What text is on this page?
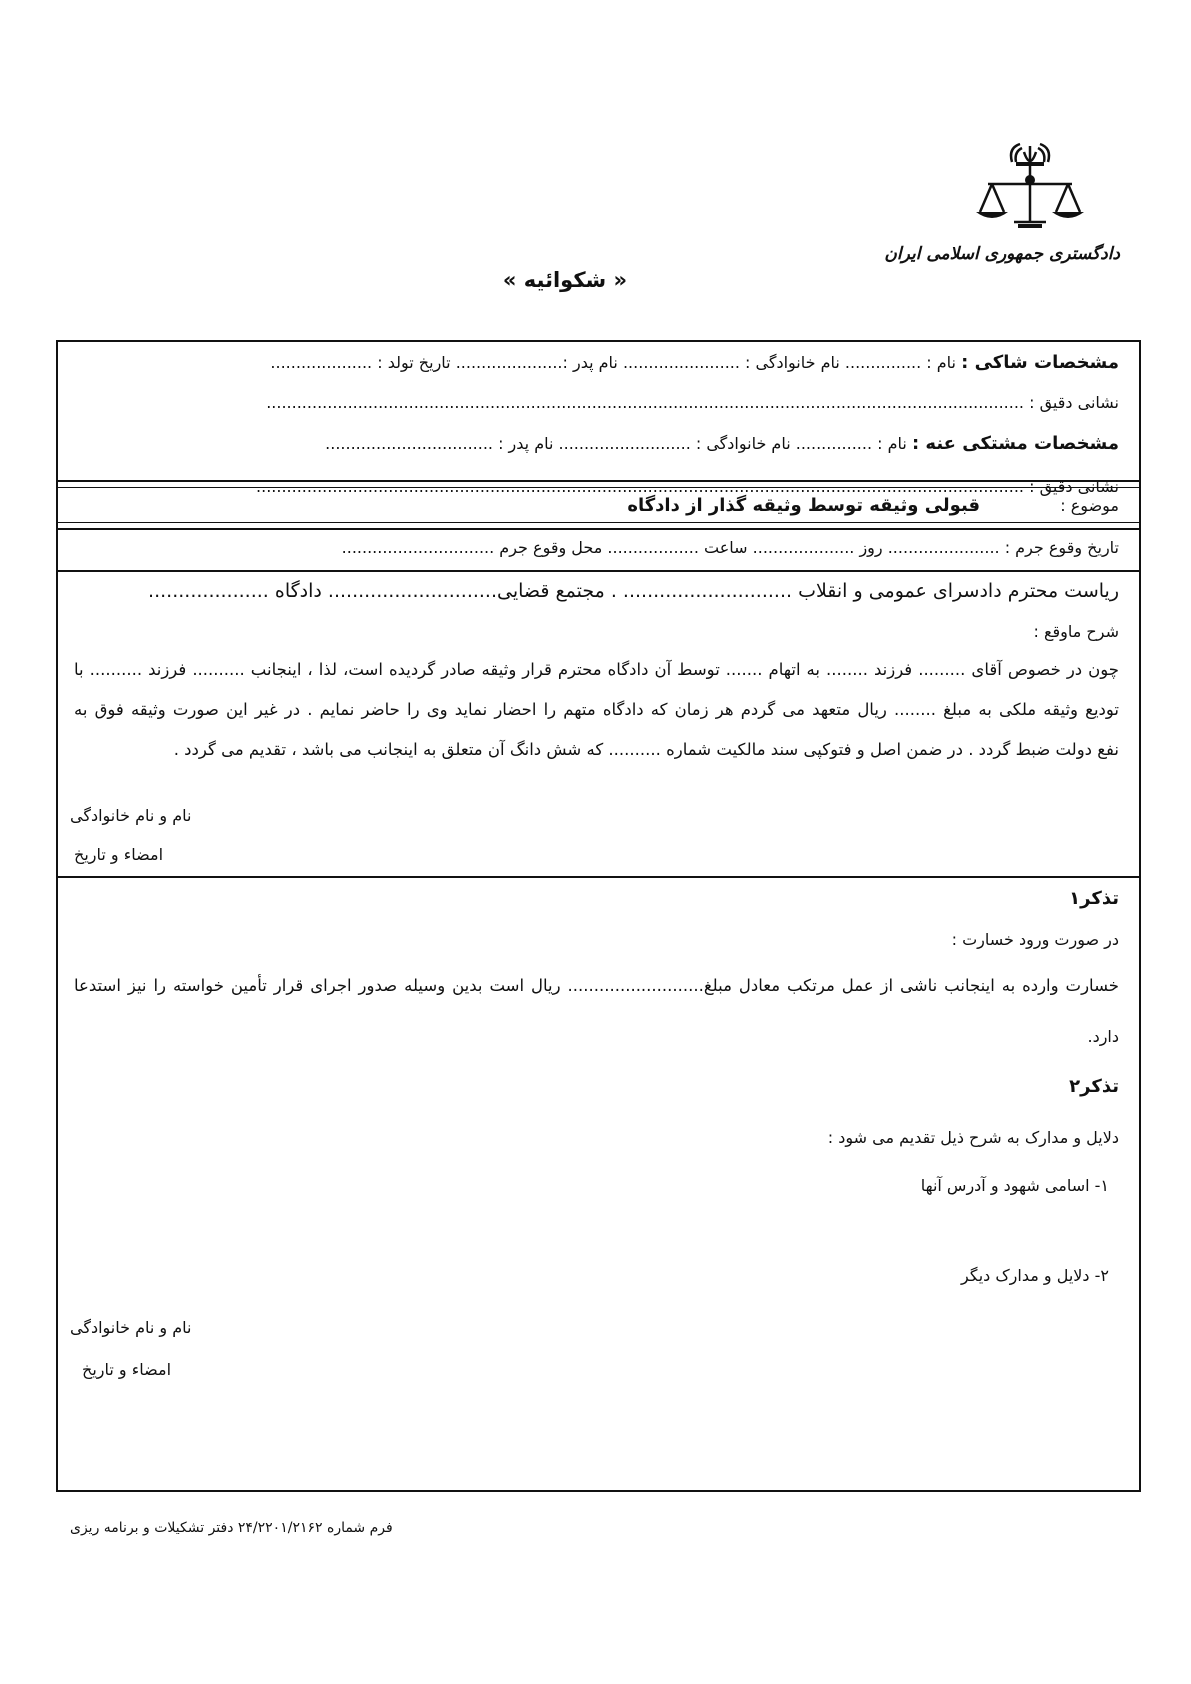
دادگستری جمهوری اسلامی ایران
« شکوائیه »
مشخصات شاکی : نام : ............... نام خانوادگی : ....................... نام پدر :..................... تاریخ تولد : ....................
نشانی دقیق : .....................................................................................................................................................
مشخصات مشتکی عنه : نام : ............... نام خانوادگی : .......................... نام پدر : .................................
نشانی دقیق : .......................................................................................................................................................
موضوع :  قبولی وثیقه توسط وثیقه گذار از دادگاه
تاریخ وقوع جرم : ...................... روز .................... ساعت .................. محل وقوع جرم ..............................
ریاست محترم دادسرای عمومی و انقلاب ............................ . مجتمع قضایی............................ دادگاه ....................
شرح ماوقع :
چون در خصوص آقای ......... فرزند ........ به اتهام ....... توسط آن دادگاه محترم قرار وثیقه صادر گردیده است، لذا ، اینجانب .......... فرزند .......... با
تودیع وثیقه ملکی به مبلغ ........ ریال متعهد می گردم هر زمان که دادگاه متهم را احضار نماید وی را حاضر نمایم . در غیر این صورت وثیقه فوق به
نفع دولت ضبط گردد . در ضمن اصل و فتوکپی سند مالکیت شماره .......... که شش دانگ آن متعلق به اینجانب می باشد ، تقدیم می گردد .
نام و نام خانوادگی
امضاء و تاریخ
تذکر۱
در صورت ورود خسارت :
خسارت وارده به اینجانب ناشی از عمل مرتکب معادل مبلغ.......................... ریال است بدین وسیله صدور اجرای قرار تأمین خواسته را نیز استدعا
دارد.
تذکر۲
دلایل و مدارک به شرح ذیل تقدیم می شود :
۱- اسامی شهود و آدرس آنها
۲- دلایل و مدارک دیگر
نام و نام خانوادگی
امضاء و تاریخ
فرم شماره ۲۴/۲۲۰۱/۲۱۶۲ دفتر تشکیلات و برنامه ریزی
